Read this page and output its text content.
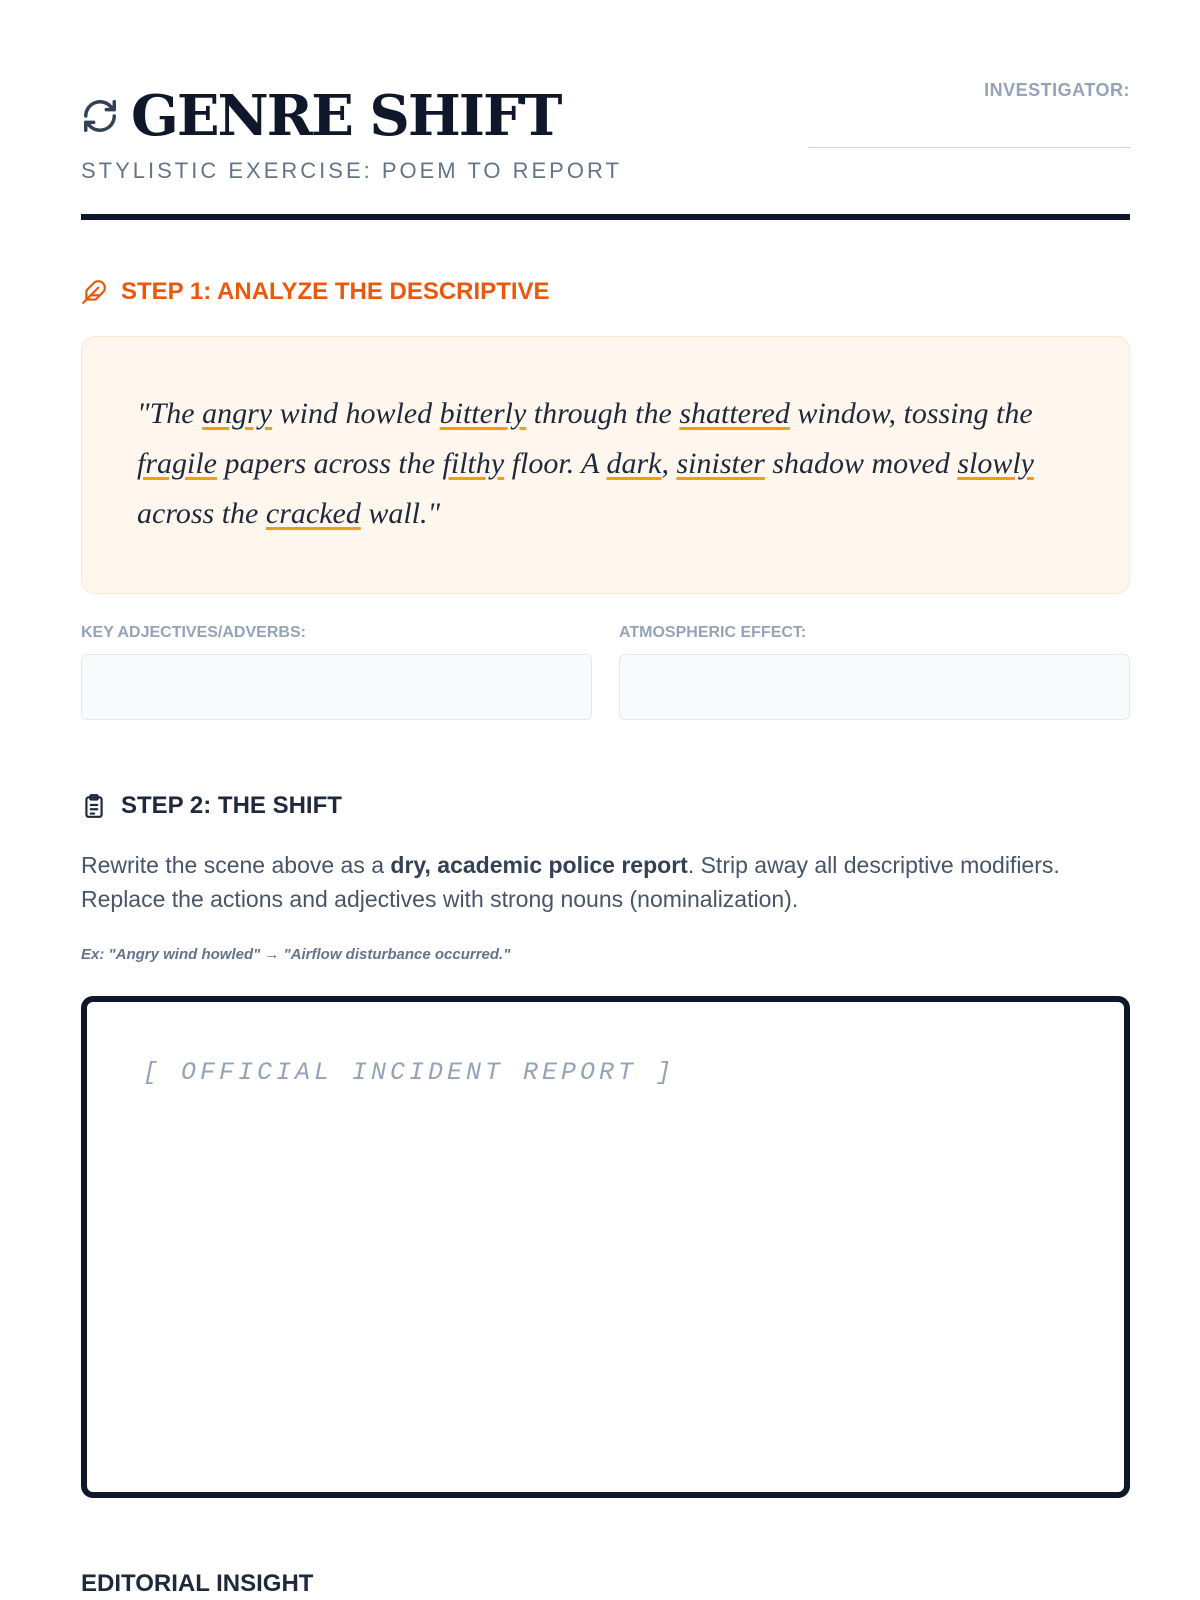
GENRE SHIFT
STYLISTIC EXERCISE: POEM TO REPORT
INVESTIGATOR:
STEP 1: ANALYZE THE DESCRIPTIVE
"The angry wind howled bitterly through the shattered window, tossing the fragile papers across the filthy floor. A dark, sinister shadow moved slowly across the cracked wall."
KEY ADJECTIVES/ADVERBS:	ATMOSPHERIC EFFECT:
STEP 2: THE SHIFT
Rewrite the scene above as a dry, academic police report. Strip away all descriptive modifiers. Replace the actions and adjectives with strong nouns (nominalization).
Ex: "Angry wind howled" → "Airflow disturbance occurred."
[ OFFICIAL INCIDENT REPORT ]
EDITORIAL INSIGHT
